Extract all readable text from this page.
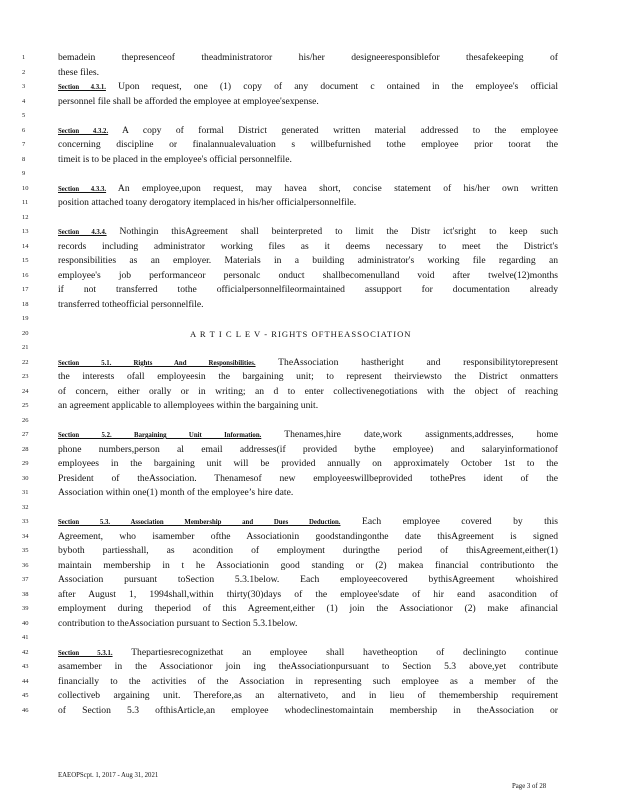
1	bemadein thepresenceof theadministratoror his/her designeeresponsiblefor thesafekeeping of
2	these files.
3	Section 4.3.1. Upon request, one (1) copy of any document c ontained in the employee's official
4	personnel file shall be afforded the employee at employee'sexpense.
5
6	Section 4.3.2. A copy of formal District generated written material addressed to the employee
7	concerning discipline or finalannualevaluation s willbefurnished tothe employee prior toorat the
8	timeit is to be placed in the employee's official personnelfile.
9
10	Section 4.3.3. An employee,upon request, may havea short, concise statement of his/her own written
11	position attached toany derogatory itemplaced in his/her officialpersonnelfile.
12
13	Section 4.3.4. Nothingin thisAgreement shall beinterpreted to limit the Distr ict'sright to keep such
14	records including administrator working files as it deems necessary to meet the District's
15	responsibilities as an employer. Materials in a building administrator's working file regarding an
16	employee's job performanceor personalc onduct shallbecomenulland void after twelve(12)months
17	if not transferred tothe officialpersonnelfileormaintained assupport for documentation already
18	transferred totheofficial personnelfile.
19
20	A R T I C L E V - RIGHTS OFTHEASSOCIATION
21
22	Section 5.1. Rights And Responsibilities. TheAssociation hastheright and responsibilitytorepresent
23	the interests ofall employeesin the bargaining unit; to represent theirviewsto the District onmatters
24	of concern, either orally or in writing; an d to enter collectivenegotiations with the object of reaching
25	an agreement applicable to allemployees within the bargaining unit.
26
27	Section 5.2. Bargaining Unit Information. Thenames,hire date,work assignments,addresses, home
28	phone numbers,person al email addresses(if provided bythe employee) and salaryinformationof
29	employees in the bargaining unit will be provided annually on approximately October 1st to the
30	President of theAssociation. Thenamesof new employeeswillbeprovided tothePres ident of the
31	Association within one(1) month of the employee’s hire date.
32
33	Section 5.3. Association Membership and Dues Deduction. Each employee covered by this
34	Agreement, who isamember ofthe Associationin goodstandingonthe date thisAgreement is signed
35	byboth partiesshall, as acondition of employment duringthe period of thisAgreement,either(1)
36	maintain membership in t he Associationin good standing or (2) makea financial contributionto the
37	Association pursuant toSection 5.3.1below. Each employeecovered bythisAgreement whoishired
38	after August 1, 1994shall,within thirty(30)days of the employee'sdate of hir eand asacondition of
39	employment during theperiod of this Agreement,either (1) join the Associationor (2) make afinancial
40	contribution to theAssociation pursuant to Section 5.3.1below.
41
42	Section 5.3.1. Thepartiesrecognizethat an employee shall havetheoption of decliningto continue
43	asamember in the Associationor join ing theAssociationpursuant to Section 5.3 above,yet contribute
44	financially to the activities of the Association in representing such employee as a member of the
45	collectiveb argaining unit. Therefore,as an alternativeto, and in lieu of themembership requirement
46	of Section 5.3 ofthisArticle,an employee whodeclinestomaintain membership in theAssociation or
EAEOPScpt. 1, 2017 - Aug 31, 2021
Page 3 of 28
